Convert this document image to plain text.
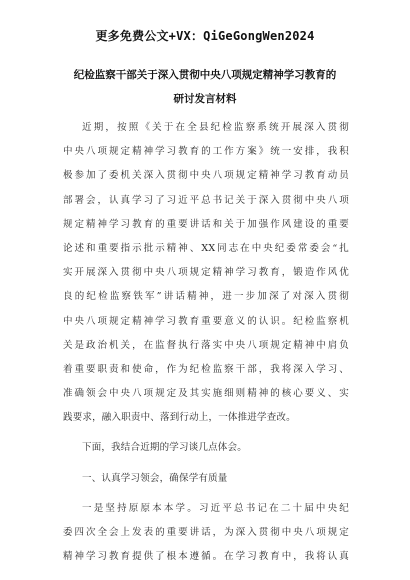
更多免费公文+VX：QiGeGongWen2024
纪检监察干部关于深入贯彻中央八项规定精神学习教育的
研讨发言材料
近期，按照《关于在全县纪检监察系统开展深入贯彻
中央八项规定精神学习教育的工作方案》统一安排，我积
极参加了委机关深入贯彻中央八项规定精神学习教育动员
部署会，认真学习了习近平总书记关于深入贯彻中央八项
规定精神学习教育的重要讲话和关于加强作风建设的重要
论述和重要指示批示精神、XX同志在中央纪委常委会“扎
实开展深入贯彻中央八项规定精神学习教育，锻造作风优
良的纪检监察铁军”讲话精神，进一步加深了对深入贯彻
中央八项规定精神学习教育重要意义的认识。纪检监察机
关是政治机关，在监督执行落实中央八项规定精神中肩负
着重要职责和使命，作为纪检监察干部，我将深入学习、
准确领会中央八项规定及其实施细则精神的核心要义、实
践要求，融入职责中、落到行动上，一体推进学查改。
下面，我结合近期的学习谈几点体会。
一、认真学习领会，确保学有质量
一是坚持原原本本学。习近平总书记在二十届中央纪
委四次全会上发表的重要讲话，为深入贯彻中央八项规定
精神学习教育提供了根本遵循。在学习教育中，我将认真
